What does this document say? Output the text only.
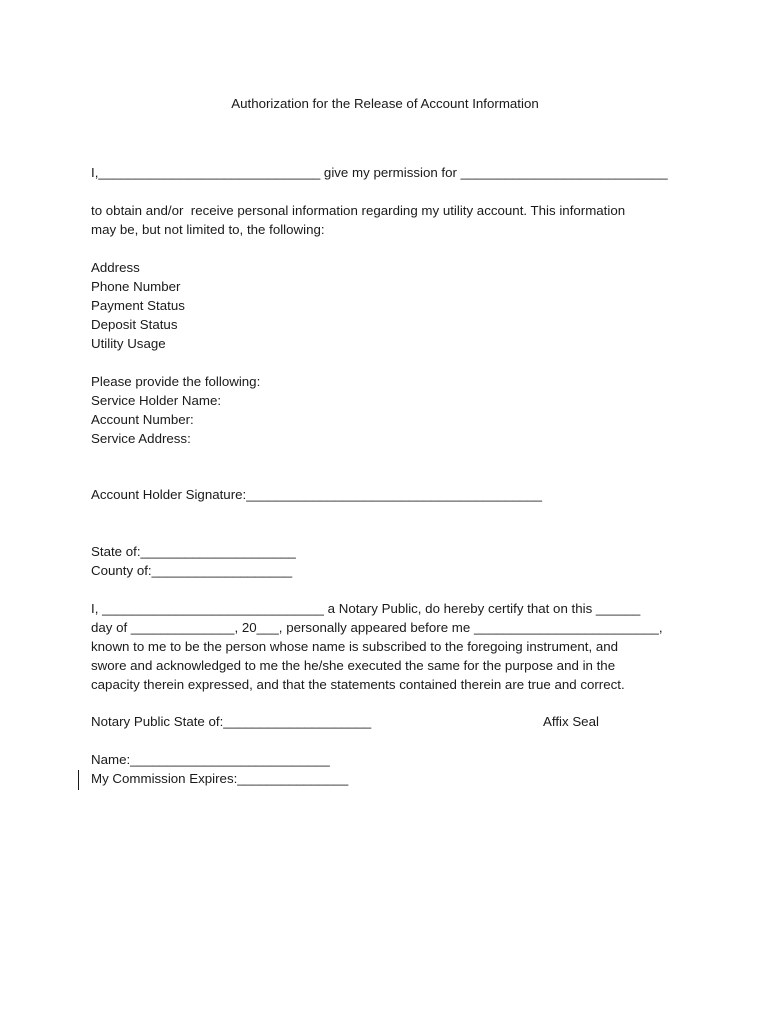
Authorization for the Release of Account Information
I,______________________________ give my permission for ____________________________
to obtain and/or  receive personal information regarding my utility account. This information
may be, but not limited to, the following:
Address
Phone Number
Payment Status
Deposit Status
Utility Usage
Please provide the following:
Service Holder Name:
Account Number:
Service Address:
Account Holder Signature:________________________________________
State of:_____________________
County of:___________________
I, ______________________________ a Notary Public, do hereby certify that on this ______
day of ______________, 20___, personally appeared before me _________________________,
known to me to be the person whose name is subscribed to the foregoing instrument, and
swore and acknowledged to me the he/she executed the same for the purpose and in the
capacity therein expressed, and that the statements contained therein are true and correct.
Notary Public State of:____________________	Affix Seal
Name:___________________________
My Commission Expires:_______________
